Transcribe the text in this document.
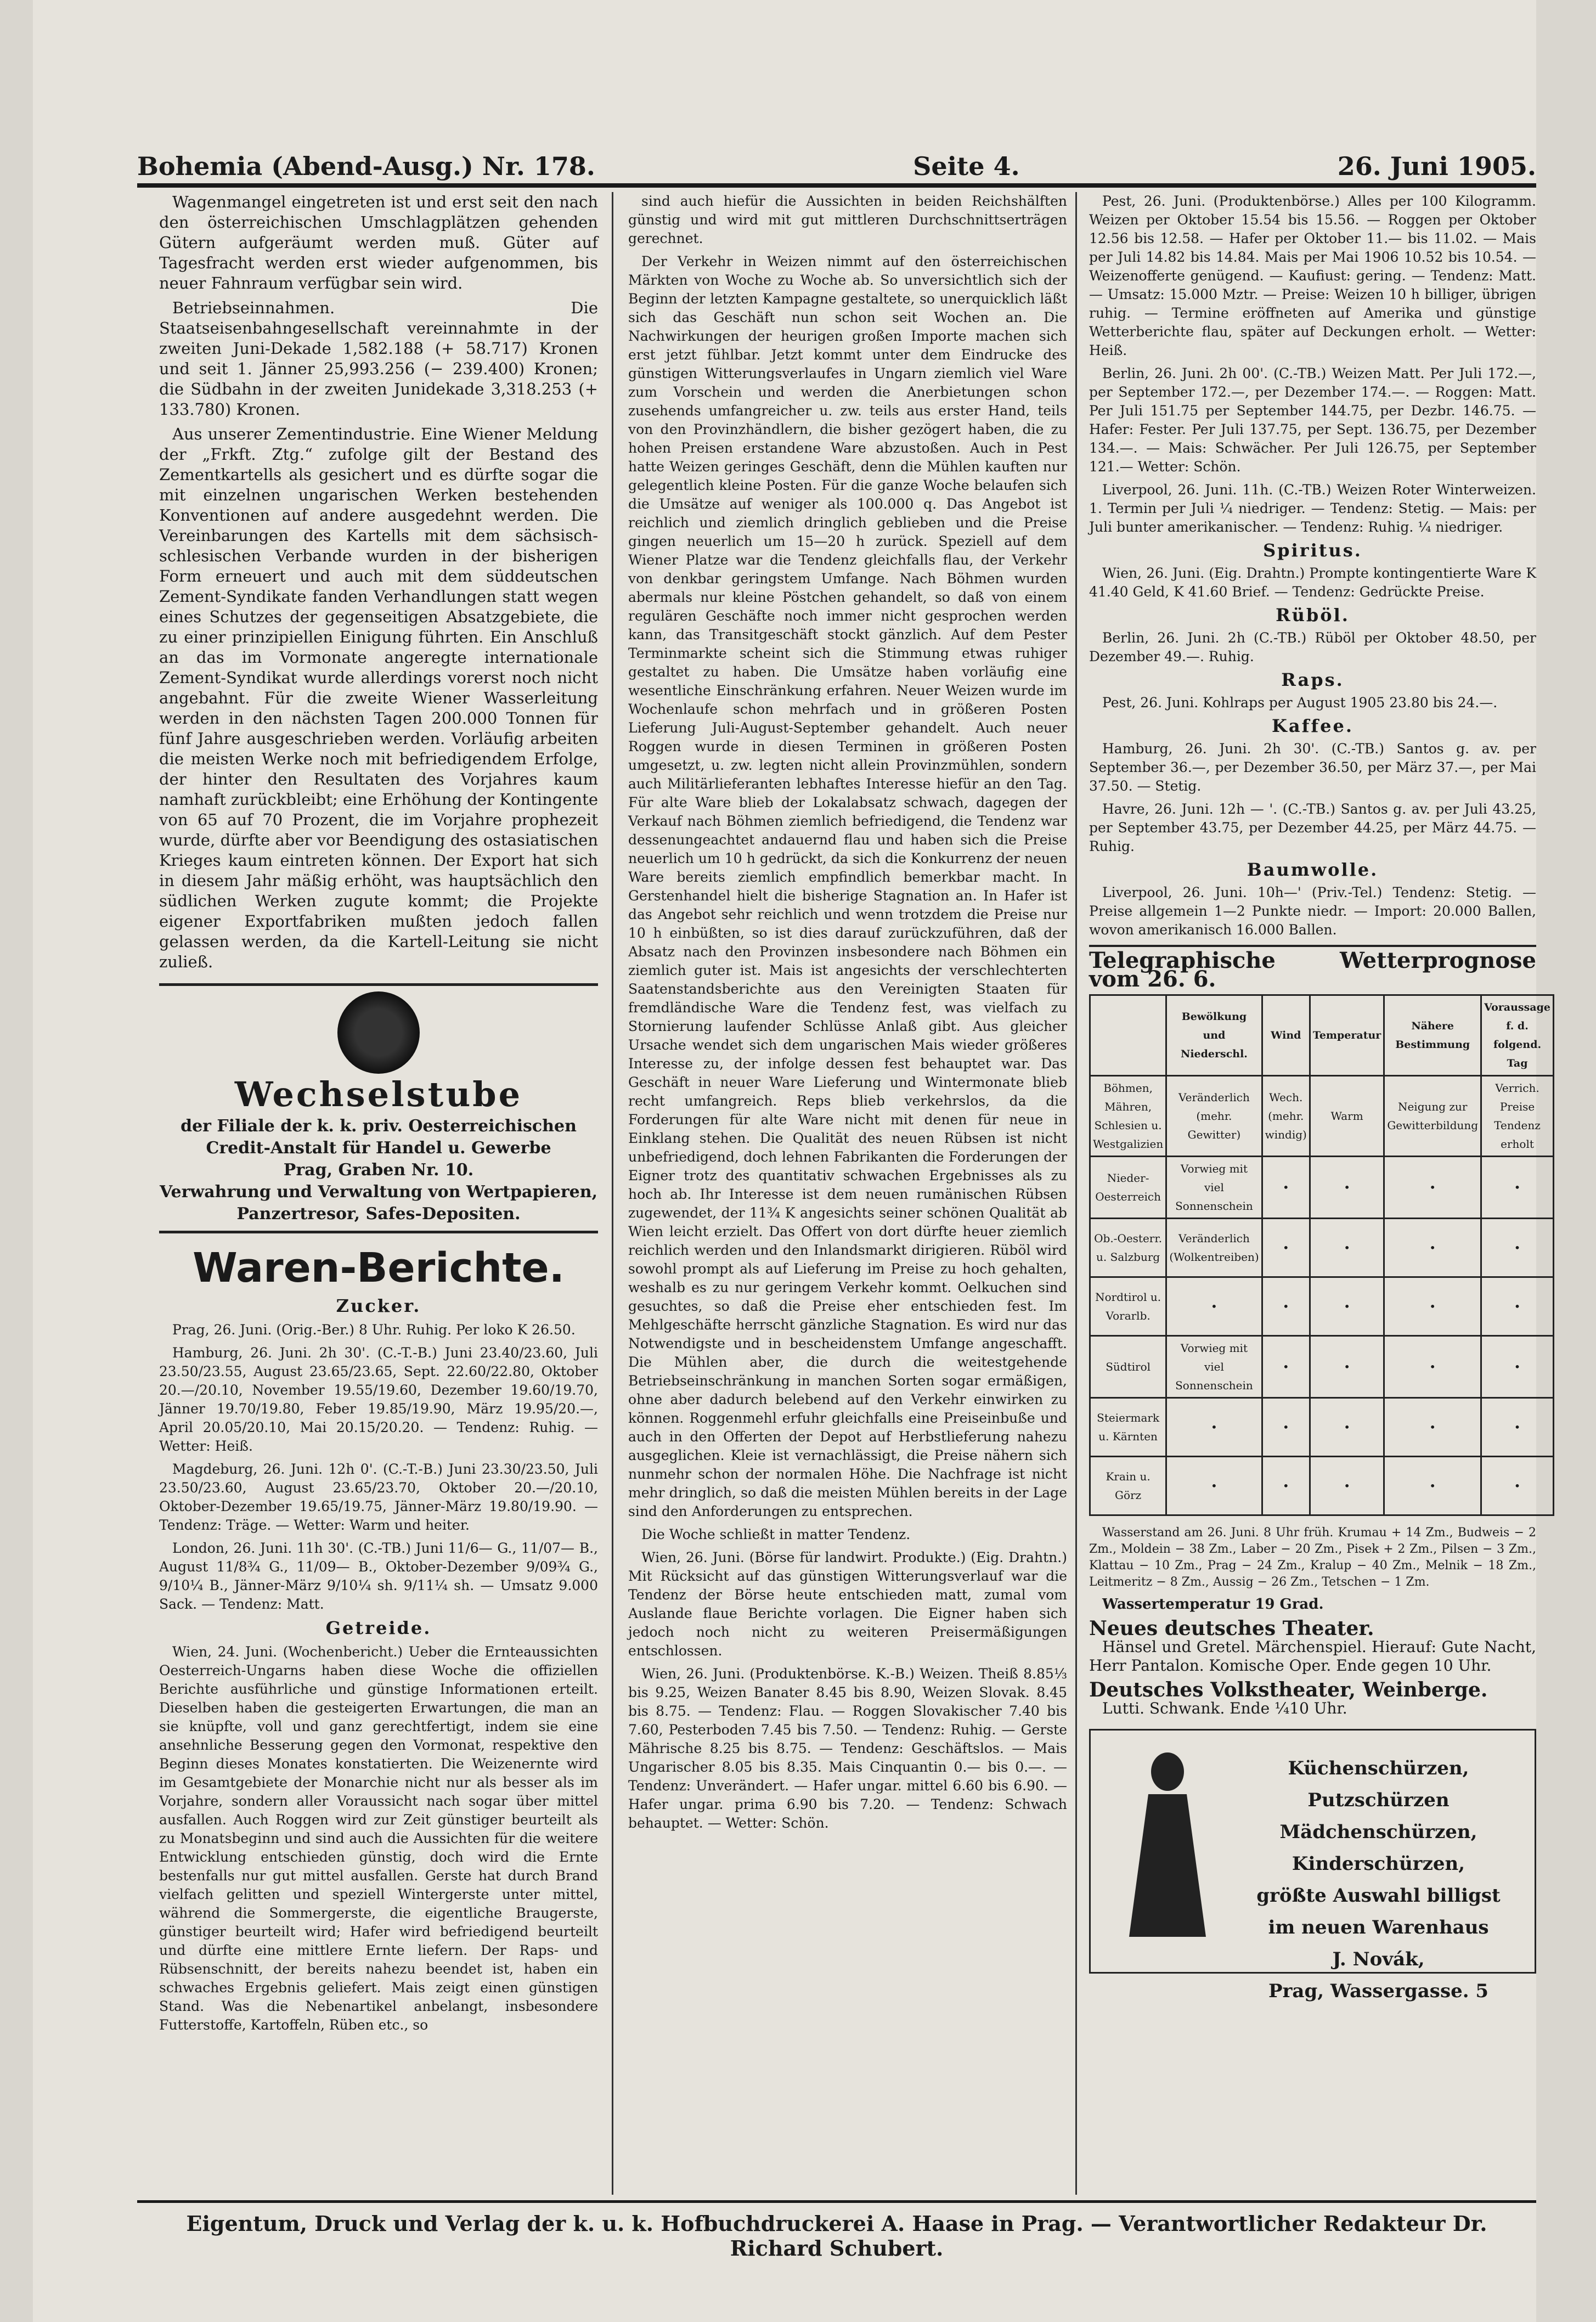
Bohemia (Abend-Ausg.) Nr. 178.	Seite 4.	26. Juni 1905.

Wagenmangel eingetreten ist und erst seit den nach den österreichischen Umschlagplätzen gehenden Gütern aufgeräumt werden muß. Güter auf Tagesfracht werden erst wieder aufgenommen, bis neuer Fahnraum verfügbar sein wird.

Betriebseinnahmen. Die Staatseisenbahngesellschaft vereinnahmte in der zweiten Juni-Dekade 1,582.188 (+ 58.717) Kronen und seit 1. Jänner 25,993.256 (− 239.400) Kronen; die Südbahn in der zweiten Junidekade 3,318.253 (+ 133.780) Kronen.

Aus unserer Zementindustrie. Eine Wiener Meldung der „Frkft. Ztg.“ zufolge gilt der Bestand des Zementkartells als gesichert und es dürfte sogar die mit einzelnen ungarischen Werken bestehenden Konventionen auf andere ausgedehnt werden. Die Vereinbarungen des Kartells mit dem sächsisch-schlesischen Verbande wurden in der bisherigen Form erneuert und auch mit dem süddeutschen Zement-Syndikate fanden Verhandlungen statt wegen eines Schutzes der gegenseitigen Absatzgebiete, die zu einer prinzipiellen Einigung führten. Ein Anschluß an das im Vormonate angeregte internationale Zement-Syndikat wurde allerdings vorerst noch nicht angebahnt. Für die zweite Wiener Wasserleitung werden in den nächsten Tagen 200.000 Tonnen für fünf Jahre ausgeschrieben werden. Vorläufig arbeiten die meisten Werke noch mit befriedigendem Erfolge, der hinter den Resultaten des Vorjahres kaum namhaft zurückbleibt; eine Erhöhung der Kontingente von 65 auf 70 Prozent, die im Vorjahre prophezeit wurde, dürfte aber vor Beendigung des ostasiatischen Krieges kaum eintreten können. Der Export hat sich in diesem Jahr mäßig erhöht, was hauptsächlich den südlichen Werken zugute kommt; die Projekte eigener Exportfabriken mußten jedoch fallen gelassen werden, da die Kartell-Leitung sie nicht zuließ.

Wechselstube
der Filiale der k. k. priv. Oesterreichischen
Credit-Anstalt für Handel u. Gewerbe
Prag, Graben Nr. 10.
Verwahrung und Verwaltung von Wertpapieren,
Panzertresor, Safes-Depositen.
Waren-Berichte.
Zucker.

Prag, 26. Juni. (Orig.-Ber.) 8 Uhr. Ruhig. Per loko K 26.50.

Hamburg, 26. Juni. 2h 30'. (C.-T.-B.) Juni 23.40/23.60, Juli 23.50/23.55, August 23.65/23.65, Sept. 22.60/22.80, Oktober 20.—/20.10, November 19.55/19.60, Dezember 19.60/19.70, Jänner 19.70/19.80, Feber 19.85/19.90, März 19.95/20.—, April 20.05/20.10, Mai 20.15/20.20. — Tendenz: Ruhig. — Wetter: Heiß.

Magdeburg, 26. Juni. 12h 0'. (C.-T.-B.) Juni 23.30/23.50, Juli 23.50/23.60, August 23.65/23.70, Oktober 20.—/20.10, Oktober-Dezember 19.65/19.75, Jänner-März 19.80/19.90. — Tendenz: Träge. — Wetter: Warm und heiter.

London, 26. Juni. 11h 30'. (C.-TB.) Juni 11/6— G., 11/07— B., August 11/8¾ G., 11/09— B., Oktober-Dezember 9/09¾ G., 9/10¼ B., Jänner-März 9/10¼ sh. 9/11¼ sh. — Umsatz 9.000 Sack. — Tendenz: Matt.

Getreide.

Wien, 24. Juni. (Wochenbericht.) Ueber die Ernteaussichten Oesterreich-Ungarns haben diese Woche die offiziellen Berichte ausführliche und günstige Informationen erteilt. Dieselben haben die gesteigerten Erwartungen, die man an sie knüpfte, voll und ganz gerechtfertigt, indem sie eine ansehnliche Besserung gegen den Vormonat, respektive den Beginn dieses Monates konstatierten. Die Weizenernte wird im Gesamtgebiete der Monarchie nicht nur als besser als im Vorjahre, sondern aller Voraussicht nach sogar über mittel ausfallen. Auch Roggen wird zur Zeit günstiger beurteilt als zu Monatsbeginn und sind auch die Aussichten für die weitere Entwicklung entschieden günstig, doch wird die Ernte bestenfalls nur gut mittel ausfallen. Gerste hat durch Brand vielfach gelitten und speziell Wintergerste unter mittel, während die Sommergerste, die eigentliche Braugerste, günstiger beurteilt wird; Hafer wird befriedigend beurteilt und dürfte eine mittlere Ernte liefern. Der Raps- und Rübsenschnitt, der bereits nahezu beendet ist, haben ein schwaches Ergebnis geliefert. Mais zeigt einen günstigen Stand. Was die Nebenartikel anbelangt, insbesondere Futterstoffe, Kartoffeln, Rüben etc., so

sind auch hiefür die Aussichten in beiden Reichshälften günstig und wird mit gut mittleren Durchschnittserträgen gerechnet.

Der Verkehr in Weizen nimmt auf den österreichischen Märkten von Woche zu Woche ab. So unversichtlich sich der Beginn der letzten Kampagne gestaltete, so unerquicklich läßt sich das Geschäft nun schon seit Wochen an. Die Nachwirkungen der heurigen großen Importe machen sich erst jetzt fühlbar. Jetzt kommt unter dem Eindrucke des günstigen Witterungsverlaufes in Ungarn ziemlich viel Ware zum Vorschein und werden die Anerbietungen schon zusehends umfangreicher u. zw. teils aus erster Hand, teils von den Provinzhändlern, die bisher gezögert haben, die zu hohen Preisen erstandene Ware abzustoßen. Auch in Pest hatte Weizen geringes Geschäft, denn die Mühlen kauften nur gelegentlich kleine Posten. Für die ganze Woche belaufen sich die Umsätze auf weniger als 100.000 q. Das Angebot ist reichlich und ziemlich dringlich geblieben und die Preise gingen neuerlich um 15—20 h zurück. Speziell auf dem Wiener Platze war die Tendenz gleichfalls flau, der Verkehr von denkbar geringstem Umfange. Nach Böhmen wurden abermals nur kleine Pöstchen gehandelt, so daß von einem regulären Geschäfte noch immer nicht gesprochen werden kann, das Transitgeschäft stockt gänzlich. Auf dem Pester Terminmarkte scheint sich die Stimmung etwas ruhiger gestaltet zu haben. Die Umsätze haben vorläufig eine wesentliche Einschränkung erfahren. Neuer Weizen wurde im Wochenlaufe schon mehrfach und in größeren Posten Lieferung Juli-August-September gehandelt. Auch neuer Roggen wurde in diesen Terminen in größeren Posten umgesetzt, u. zw. legten nicht allein Provinzmühlen, sondern auch Militärlieferanten lebhaftes Interesse hiefür an den Tag. Für alte Ware blieb der Lokalabsatz schwach, dagegen der Verkauf nach Böhmen ziemlich befriedigend, die Tendenz war dessenungeachtet andauernd flau und haben sich die Preise neuerlich um 10 h gedrückt, da sich die Konkurrenz der neuen Ware bereits ziemlich empfindlich bemerkbar macht. In Gerstenhandel hielt die bisherige Stagnation an. In Hafer ist das Angebot sehr reichlich und wenn trotzdem die Preise nur 10 h einbüßten, so ist dies darauf zurückzuführen, daß der Absatz nach den Provinzen insbesondere nach Böhmen ein ziemlich guter ist. Mais ist angesichts der verschlechterten Saatenstandsberichte aus den Vereinigten Staaten für fremdländische Ware die Tendenz fest, was vielfach zu Stornierung laufender Schlüsse Anlaß gibt. Aus gleicher Ursache wendet sich dem ungarischen Mais wieder größeres Interesse zu, der infolge dessen fest behauptet war. Das Geschäft in neuer Ware Lieferung und Wintermonate blieb recht umfangreich. Reps blieb verkehrslos, da die Forderungen für alte Ware nicht mit denen für neue in Einklang stehen. Die Qualität des neuen Rübsen ist nicht unbefriedigend, doch lehnen Fabrikanten die Forderungen der Eigner trotz des quantitativ schwachen Ergebnisses als zu hoch ab. Ihr Interesse ist dem neuen rumänischen Rübsen zugewendet, der 11¾ K angesichts seiner schönen Qualität ab Wien leicht erzielt. Das Offert von dort dürfte heuer ziemlich reichlich werden und den Inlandsmarkt dirigieren. Rüböl wird sowohl prompt als auf Lieferung im Preise zu hoch gehalten, weshalb es zu nur geringem Verkehr kommt. Oelkuchen sind gesuchtes, so daß die Preise eher entschieden fest. Im Mehlgeschäfte herrscht gänzliche Stagnation. Es wird nur das Notwendigste und in bescheidenstem Umfange angeschafft. Die Mühlen aber, die durch die weitestgehende Betriebseinschränkung in manchen Sorten sogar ermäßigen, ohne aber dadurch belebend auf den Verkehr einwirken zu können. Roggenmehl erfuhr gleichfalls eine Preiseinbuße und auch in den Offerten der Depot auf Herbstlieferung nahezu ausgeglichen. Kleie ist vernachlässigt, die Preise nähern sich nunmehr schon der normalen Höhe. Die Nachfrage ist nicht mehr dringlich, so daß die meisten Mühlen bereits in der Lage sind den Anforderungen zu entsprechen.

Die Woche schließt in matter Tendenz.

Wien, 26. Juni. (Börse für landwirt. Produkte.) (Eig. Drahtn.) Mit Rücksicht auf das günstigen Witterungsverlauf war die Tendenz der Börse heute entschieden matt, zumal vom Auslande flaue Berichte vorlagen. Die Eigner haben sich jedoch noch nicht zu weiteren Preisermäßigungen entschlossen.

Wien, 26. Juni. (Produktenbörse. K.-B.) Weizen. Theiß 8.85⅓ bis 9.25, Weizen Banater 8.45 bis 8.90, Weizen Slovak. 8.45 bis 8.75. — Tendenz: Flau. — Roggen Slovakischer 7.40 bis 7.60, Pesterboden 7.45 bis 7.50. — Tendenz: Ruhig. — Gerste Mährische 8.25 bis 8.75. — Tendenz: Geschäftslos. — Mais Ungarischer 8.05 bis 8.35. Mais Cinquantin 0.— bis 0.—. — Tendenz: Unverändert. — Hafer ungar. mittel 6.60 bis 6.90. — Hafer ungar. prima 6.90 bis 7.20. — Tendenz: Schwach behauptet. — Wetter: Schön.

Pest, 26. Juni. (Produktenbörse.) Alles per 100 Kilogramm. Weizen per Oktober 15.54 bis 15.56. — Roggen per Oktober 12.56 bis 12.58. — Hafer per Oktober 11.— bis 11.02. — Mais per Juli 14.82 bis 14.84. Mais per Mai 1906 10.52 bis 10.54. — Weizenofferte genügend. — Kaufiust: gering. — Tendenz: Matt. — Umsatz: 15.000 Mztr. — Preise: Weizen 10 h billiger, übrigen ruhig. — Termine eröffneten auf Amerika und günstige Wetterberichte flau, später auf Deckungen erholt. — Wetter: Heiß.

Berlin, 26. Juni. 2h 00'. (C.-TB.) Weizen Matt. Per Juli 172.—, per September 172.—, per Dezember 174.—. — Roggen: Matt. Per Juli 151.75 per September 144.75, per Dezbr. 146.75. — Hafer: Fester. Per Juli 137.75, per Sept. 136.75, per Dezember 134.—. — Mais: Schwächer. Per Juli 126.75, per September 121.— Wetter: Schön.

Liverpool, 26. Juni. 11h. (C.-TB.) Weizen Roter Winterweizen. 1. Termin per Juli ¼ niedriger. — Tendenz: Stetig. — Mais: per Juli bunter amerikanischer. — Tendenz: Ruhig. ¼ niedriger.

Spiritus.

Wien, 26. Juni. (Eig. Drahtn.) Prompte kontingentierte Ware K 41.40 Geld, K 41.60 Brief. — Tendenz: Gedrückte Preise.

Rüböl.

Berlin, 26. Juni. 2h (C.-TB.) Rüböl per Oktober 48.50, per Dezember 49.—. Ruhig.

Raps.

Pest, 26. Juni. Kohlraps per August 1905 23.80 bis 24.—.

Kaffee.

Hamburg, 26. Juni. 2h 30'. (C.-TB.) Santos g. av. per September 36.—, per Dezember 36.50, per März 37.—, per Mai 37.50. — Stetig.

Havre, 26. Juni. 12h — '. (C.-TB.) Santos g. av. per Juli 43.25, per September 43.75, per Dezember 44.25, per März 44.75. — Ruhig.

Baumwolle.

Liverpool, 26. Juni. 10h—' (Priv.-Tel.) Tendenz: Stetig. — Preise allgemein 1—2 Punkte niedr. — Import: 20.000 Ballen, wovon amerikanisch 16.000 Ballen.

Telegraphische Wetterprognose vom 26. 6.
	Bewölkung und Niederschl.	Wind	Temperatur	Nähere Bestimmung	Voraussage f. d. folgend. Tag
Böhmen, Mähren, Schlesien u. Westgalizien	Veränderlich (mehr. Gewitter)	Wech. (mehr. windig)	Warm	Neigung zur Gewitterbildung	Verrich. Preise Tendenz erholt
Nieder-Oesterreich	Vorwieg mit viel Sonnenschein	•	•	•	•
Ob.-Oesterr. u. Salzburg	Veränderlich (Wolkentreiben)	•	•	•	•
Nordtirol u. Vorarlb.	•	•	•	•	•
Südtirol	Vorwieg mit viel Sonnenschein	•	•	•	•
Steiermark u. Kärnten	•	•	•	•	•
Krain u. Görz	•	•	•	•	•

Wasserstand am 26. Juni. 8 Uhr früh. Krumau + 14 Zm., Budweis − 2 Zm., Moldein − 38 Zm., Laber − 20 Zm., Pisek + 2 Zm., Pilsen − 3 Zm., Klattau − 10 Zm., Prag − 24 Zm., Kralup − 40 Zm., Melnik − 18 Zm., Leitmeritz − 8 Zm., Aussig − 26 Zm., Tetschen − 1 Zm.

Wassertemperatur 19 Grad.

Neues deutsches Theater.

Hänsel und Gretel. Märchenspiel. Hierauf: Gute Nacht, Herr Pantalon. Komische Oper. Ende gegen 10 Uhr.

Deutsches Volkstheater, Weinberge.

Lutti. Schwank. Ende ¼10 Uhr.

Küchenschürzen, Putzschürzen
Mädchenschürzen,
Kinderschürzen,
größte Auswahl billigst
im neuen Warenhaus
J. Novák,
Prag, Wassergasse. 5
Eigentum, Druck und Verlag der k. u. k. Hofbuchdruckerei A. Haase in Prag. — Verantwortlicher Redakteur Dr. Richard Schubert.
